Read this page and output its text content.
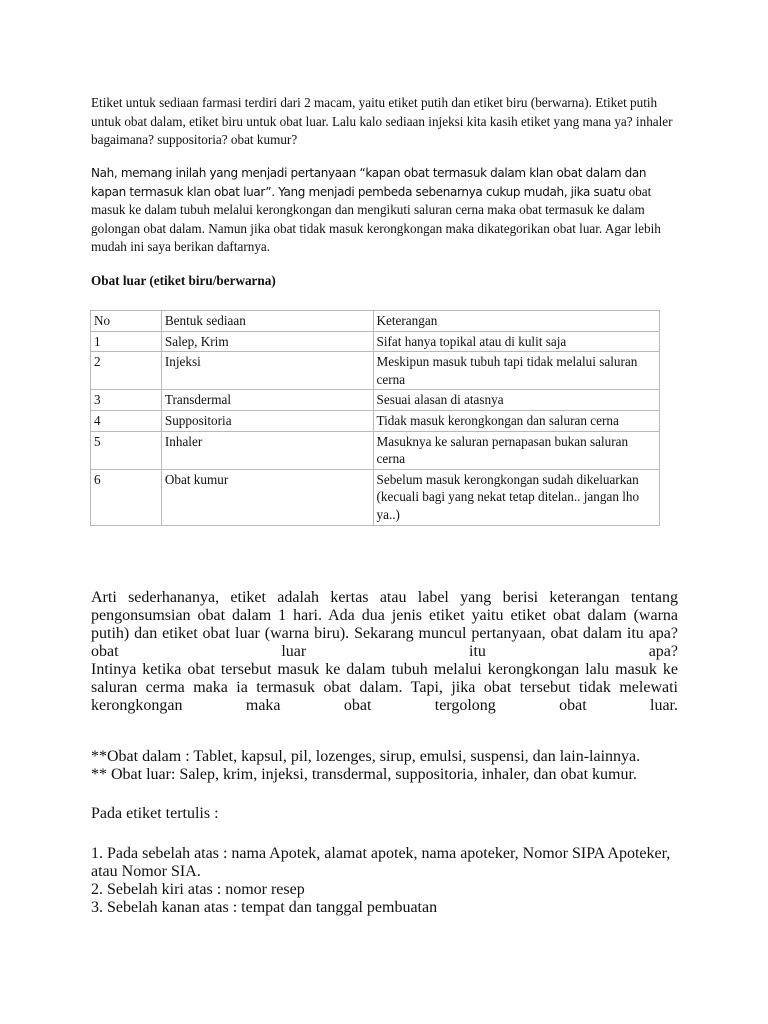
Etiket untuk sediaan farmasi terdiri dari 2 macam, yaitu etiket putih dan etiket biru (berwarna). Etiket putih untuk obat dalam, etiket biru untuk obat luar. Lalu kalo sediaan injeksi kita kasih etiket yang mana ya? inhaler bagaimana? suppositoria? obat kumur?
Nah, memang inilah yang menjadi pertanyaan “kapan obat termasuk dalam klan obat dalam dan kapan termasuk klan obat luar”. Yang menjadi pembeda sebenarnya cukup mudah, jika suatu obat masuk ke dalam tubuh melalui kerongkongan dan mengikuti saluran cerna maka obat termasuk ke dalam golongan obat dalam. Namun jika obat tidak masuk kerongkongan maka dikategorikan obat luar. Agar lebih mudah ini saya berikan daftarnya.
Obat luar (etiket biru/berwarna)
No	Bentuk sediaan	Keterangan
1	Salep, Krim	Sifat hanya topikal atau di kulit saja
2	Injeksi	Meskipun masuk tubuh tapi tidak melalui saluran cerna
3	Transdermal	Sesuai alasan di atasnya
4	Suppositoria	Tidak masuk kerongkongan dan saluran cerna
5	Inhaler	Masuknya ke saluran pernapasan bukan saluran cerna
6	Obat kumur	Sebelum masuk kerongkongan sudah dikeluarkan (kecuali bagi yang nekat tetap ditelan.. jangan lho ya..)

Arti sederhananya, etiket adalah kertas atau label yang berisi keterangan tentang pengonsumsian obat dalam 1 hari. Ada dua jenis etiket yaitu etiket obat dalam (warna putih) dan etiket obat luar (warna biru). Sekarang muncul pertanyaan, obat dalam itu apa? obat luar itu apa?

Intinya ketika obat tersebut masuk ke dalam tubuh melalui kerongkongan lalu masuk ke saluran cerma maka ia termasuk obat dalam. Tapi, jika obat tersebut tidak melewati kerongkongan maka obat tergolong obat luar.

**Obat dalam : Tablet, kapsul, pil, lozenges, sirup, emulsi, suspensi, dan lain-lainnya.

** Obat luar: Salep, krim, injeksi, transdermal, suppositoria, inhaler, dan obat kumur.

Pada etiket tertulis :

1. Pada sebelah atas : nama Apotek, alamat apotek, nama apoteker, Nomor SIPA Apoteker, atau Nomor SIA.

2. Sebelah kiri atas : nomor resep

3. Sebelah kanan atas : tempat dan tanggal pembuatan
